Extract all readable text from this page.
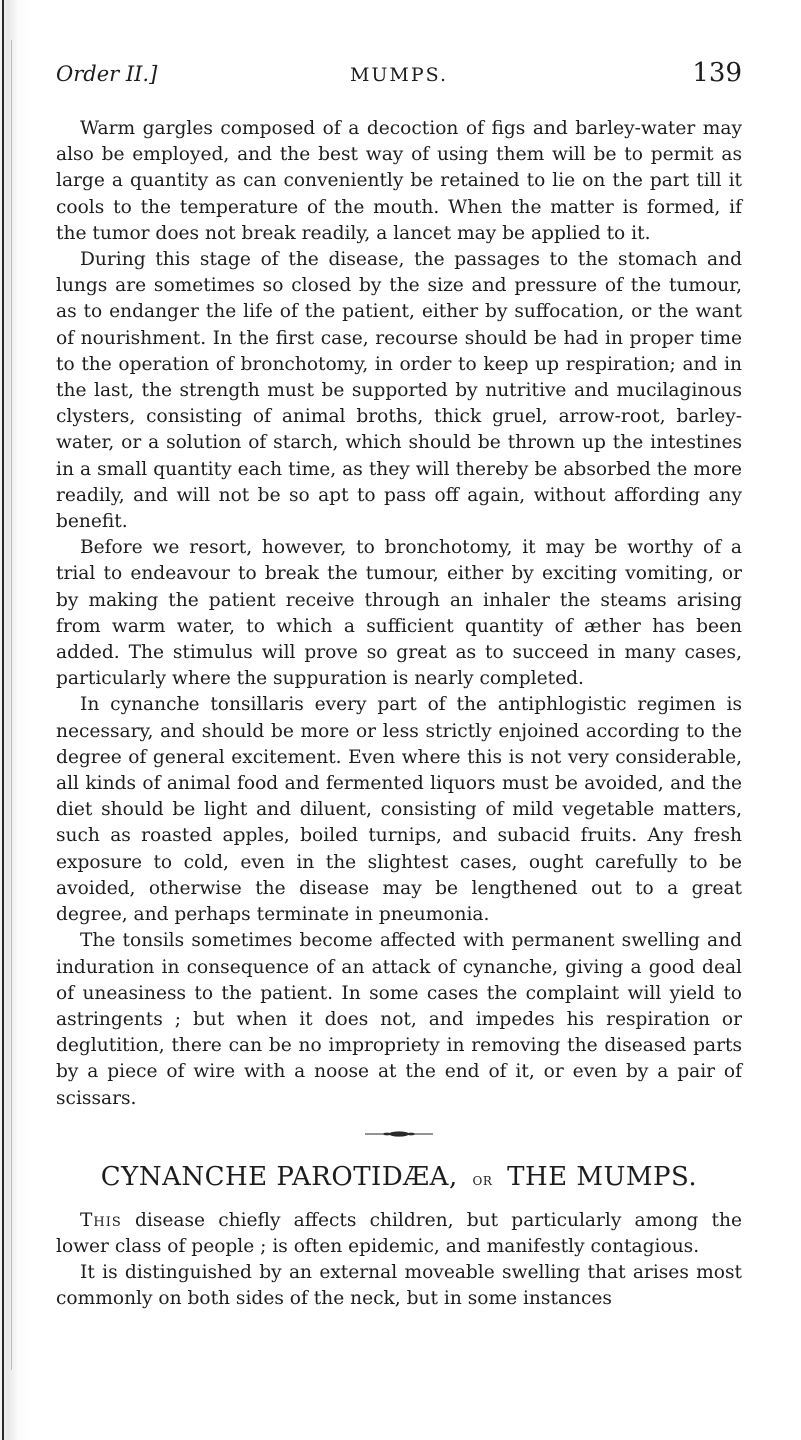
Order II.]	MUMPS.	139

Warm gargles composed of a decoction of figs and barley-water may also be employed, and the best way of using them will be to permit as large a quantity as can conveniently be retained to lie on the part till it cools to the temperature of the mouth. When the matter is formed, if the tumor does not break readily, a lancet may be applied to it.

During this stage of the disease, the passages to the stomach and lungs are sometimes so closed by the size and pressure of the tumour, as to endanger the life of the patient, either by suffocation, or the want of nourishment. In the first case, recourse should be had in proper time to the operation of bronchotomy, in order to keep up respiration; and in the last, the strength must be supported by nutritive and mucilaginous clysters, consisting of animal broths, thick gruel, arrow-root, barley-water, or a solution of starch, which should be thrown up the intestines in a small quantity each time, as they will thereby be absorbed the more readily, and will not be so apt to pass off again, without affording any benefit.

Before we resort, however, to bronchotomy, it may be worthy of a trial to endeavour to break the tumour, either by exciting vomiting, or by making the patient receive through an inhaler the steams arising from warm water, to which a sufficient quantity of æther has been added. The stimulus will prove so great as to succeed in many cases, particularly where the suppuration is nearly completed.

In cynanche tonsillaris every part of the antiphlogistic regimen is necessary, and should be more or less strictly enjoined according to the degree of general excitement. Even where this is not very considerable, all kinds of animal food and fermented liquors must be avoided, and the diet should be light and diluent, consisting of mild vegetable matters, such as roasted apples, boiled turnips, and subacid fruits. Any fresh exposure to cold, even in the slightest cases, ought carefully to be avoided, otherwise the disease may be lengthened out to a great degree, and perhaps terminate in pneumonia.

The tonsils sometimes become affected with permanent swelling and induration in consequence of an attack of cynanche, giving a good deal of uneasiness to the patient. In some cases the complaint will yield to astringents ; but when it does not, and impedes his respiration or deglutition, there can be no impropriety in removing the diseased parts by a piece of wire with a noose at the end of it, or even by a pair of scissars.

CYNANCHE PAROTIDÆA, or THE MUMPS.

This disease chiefly affects children, but particularly among the lower class of people ; is often epidemic, and manifestly contagious.

It is distinguished by an external moveable swelling that arises most commonly on both sides of the neck, but in some instances
